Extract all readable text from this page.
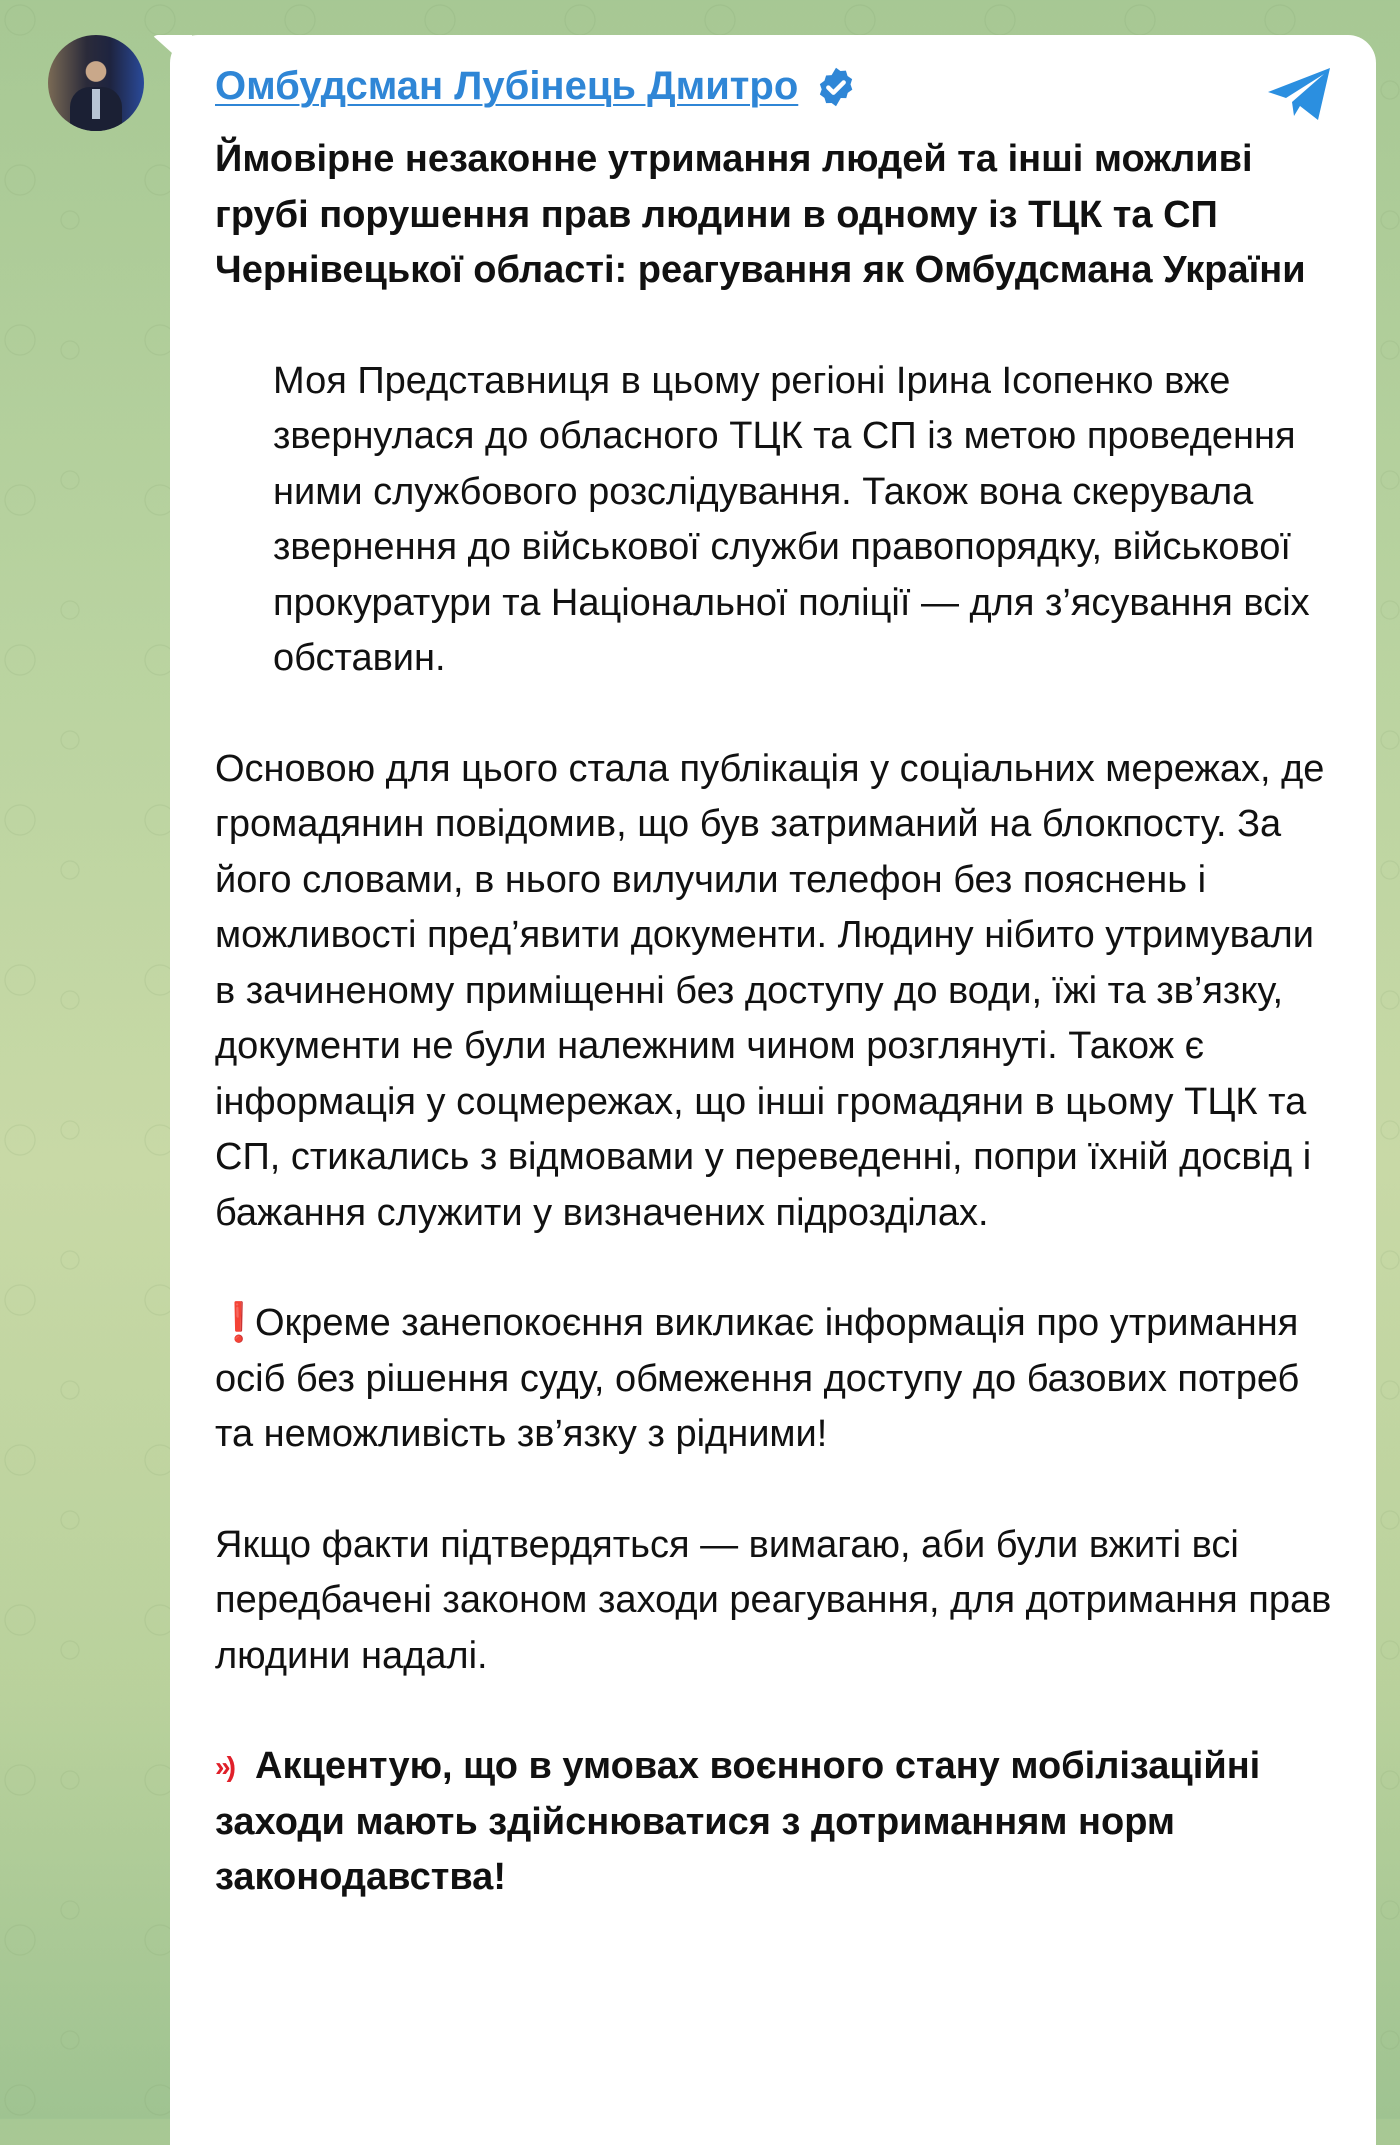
Омбудсман Лубінець Дмитро

Ймовірне незаконне утримання людей та інші можливі грубі порушення прав людини в одному із ТЦК та СП Чернівецької області: реагування як Омбудсмана України

Моя Представниця в цьому регіоні Ірина Ісопенко вже звернулася до обласного ТЦК та СП із метою проведення ними службового розслідування. Також вона скерувала звернення до військової служби правопорядку, військової прокуратури та Національної поліції — для з’ясування всіх обставин.

Основою для цього стала публікація у соціальних мережах, де громадянин повідомив, що був затриманий на блокпосту. За його словами, в нього вилучили телефон без пояснень і можливості пред’явити документи. Людину нібито утримували в зачиненому приміщенні без доступу до води, їжі та зв’язку, документи не були належним чином розглянуті. Також є інформація у соцмережах, що інші громадяни в цьому ТЦК та СП, стикались з відмовами у переведенні, попри їхній досвід і бажання служити у визначених підрозділах.

❗Окреме занепокоєння викликає інформація про утримання осіб без рішення суду, обмеження доступу до базових потреб та неможливість зв’язку з рідними!

Якщо факти підтвердяться — вимагаю, аби були вжиті всі передбачені законом заходи реагування, для дотримання прав людини надалі.

») Акцентую, що в умовах воєнного стану мобілізаційні заходи мають здійснюватися з дотриманням норм законодавства!
